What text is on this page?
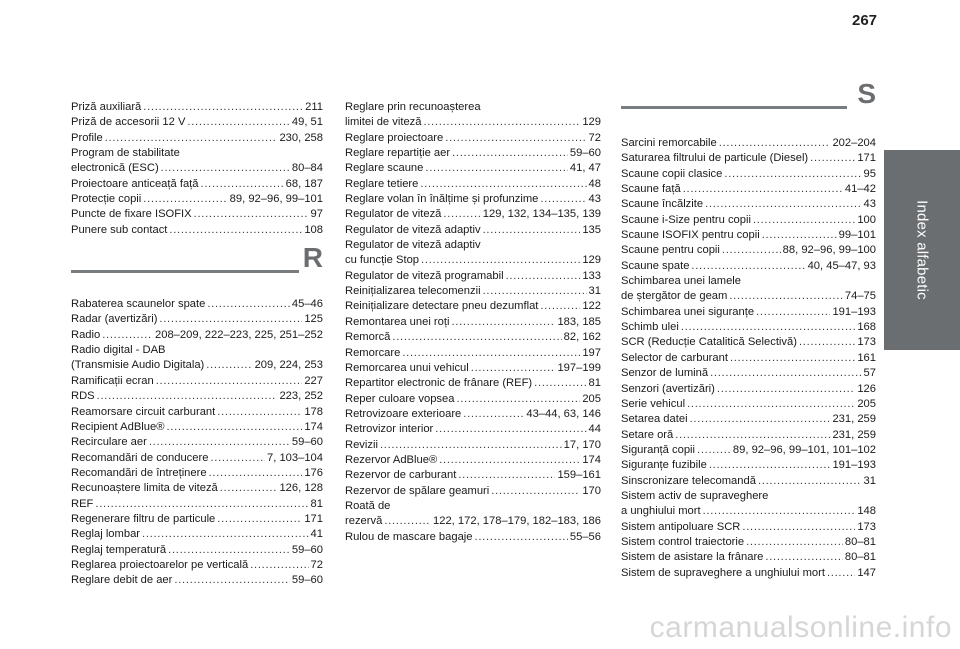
267
Index alfabetic
Priză auxiliară . . .	211
Priză de accesorii 12 V . . .	49, 51
Profile . . .	230, 258
Program de stabilitate
electronică (ESC) . . .	80–84
Proiectoare anticeață față . . .	68, 187
Protecție copii . . .	89, 92–96, 99–101
Puncte de fixare ISOFIX . . .	97
Punere sub contact . . .	108
R
Rabaterea scaunelor spate . . .	45–46
Radar (avertizări) . . .	125
Radio . . .	208–209, 222–223, 225, 251–252
Radio digital - DAB
(Transmisie Audio Digitala) . . .	209, 224, 253
Ramificații ecran . . .	227
RDS . . .	223, 252
Reamorsare circuit carburant . . .	178
Recipient AdBlue® . . .	174
Recirculare aer . . .	59–60
Recomandări de conducere . . .	7, 103–104
Recomandări de întreținere . . .	176
Recunoaștere limita de viteză . . .	126, 128
REF . . .	81
Regenerare filtru de particule . . .	171
Reglaj lombar . . .	41
Reglaj temperatură . . .	59–60
Reglarea proiectoarelor pe verticală . . .	72
Reglare debit de aer . . .	59–60
Reglare prin recunoașterea
limitei de viteză . . .	129
Reglare proiectoare . . .	72
Reglare repartiție aer . . .	59–60
Reglare scaune . . .	41, 47
Reglare tetiere . . .	48
Reglare volan în înălțime și profunzime . . .	43
Regulator de viteză . . .	129, 132, 134–135, 139
Regulator de viteză adaptiv . . .	135
Regulator de viteză adaptiv
cu funcție Stop . . .	129
Regulator de viteză programabil . . .	133
Reinițializarea telecomenzii . . .	31
Reinițializare detectare pneu dezumflat . . .	122
Remontarea unei roți . . .	183, 185
Remorcă . . .	82, 162
Remorcare . . .	197
Remorcarea unui vehicul . . .	197–199
Repartitor electronic de frânare (REF) . . .	81
Reper culoare vopsea . . .	205
Retrovizoare exterioare . . .	43–44, 63, 146
Retrovizor interior . . .	44
Revizii . . .	17, 170
Rezervor AdBlue® . . .	174
Rezervor de carburant . . .	159–161
Rezervor de spălare geamuri . . .	170
Roată de
rezervă . . .	122, 172, 178–179, 182–183, 186
Rulou de mascare bagaje . . .	55–56
S
Sarcini remorcabile . . .	202–204
Saturarea filtrului de particule (Diesel) . . .	171
Scaune copii clasice . . .	95
Scaune față . . .	41–42
Scaune încălzite . . .	43
Scaune i-Size pentru copii . . .	100
Scaune ISOFIX pentru copii . . .	99–101
Scaune pentru copii . . .	88, 92–96, 99–100
Scaune spate . . .	40, 45–47, 93
Schimbarea unei lamele
de ștergător de geam . . .	74–75
Schimbarea unei siguranțe . . .	191–193
Schimb ulei . . .	168
SCR (Reducție Catalitică Selectivă) . . .	173
Selector de carburant . . .	161
Senzor de lumină . . .	57
Senzori (avertizări) . . .	126
Serie vehicul . . .	205
Setarea datei . . .	231, 259
Setare oră . . .	231, 259
Siguranță copii . . .	89, 92–96, 99–101, 101–102
Siguranțe fuzibile . . .	191–193
Sinscronizare telecomandă . . .	31
Sistem activ de supraveghere
a unghiului mort . . .	148
Sistem antipoluare SCR . . .	173
Sistem control traiectorie . . .	80–81
Sistem de asistare la frânare . . .	80–81
Sistem de supraveghere a unghiului mort . . .	147
carmanualsonline.info
